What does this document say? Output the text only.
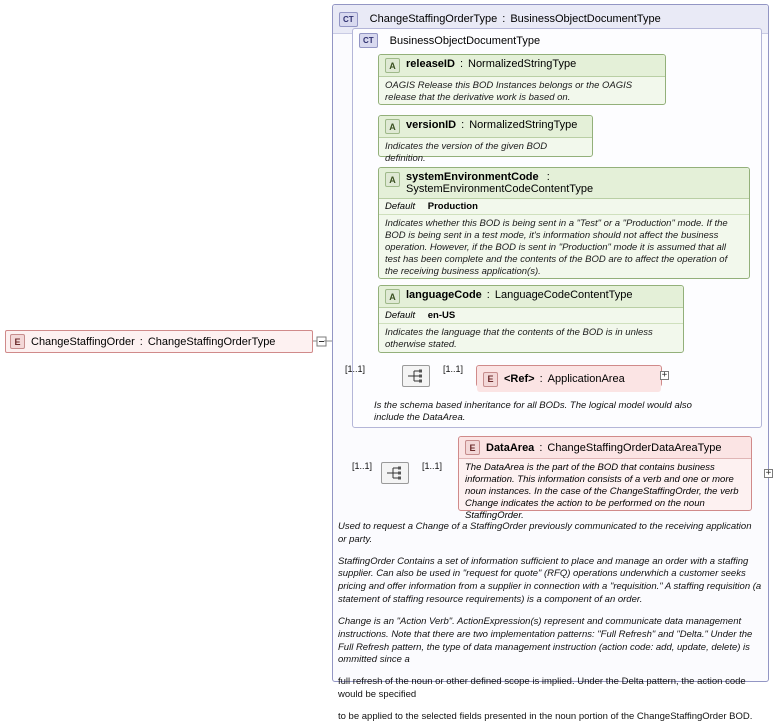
E ChangeStaffingOrder : ChangeStaffingOrderType
CT	ChangeStaffingOrderType : BusinessObjectDocumentType
CT	BusinessObjectDocumentType
Is the schema based inheritance for all BODs. The logical model would also include the DataArea.
A releaseID : NormalizedStringType
OAGIS Release this BOD Instances belongs or the OAGIS release that the derivative work is based on.
A versionID : NormalizedStringType
Indicates the version of the given BOD definition.
A systemEnvironmentCode : SystemEnvironmentCodeContentType
Default Production
Indicates whether this BOD is being sent in a "Test" or a "Production" mode. If the BOD is being sent in a test mode, it's information should not affect the business operation. However, if the BOD is sent in "Production" mode it is assumed that all test has been complete and the contents of the BOD are to affect the operation of the receiving business application(s).
A languageCode : LanguageCodeContentType
Default en-US
Indicates the language that the contents of the BOD is in unless otherwise stated.
[1..1]	[1..1]
E <Ref> : ApplicationArea	+
[1..1]	[1..1]
E DataArea : ChangeStaffingOrderDataAreaType
The DataArea is the part of the BOD that contains business information. This information consists of a verb and one or more noun instances. In the case of the ChangeStaffingOrder, the verb Change indicates the action to be performed on the noun StaffingOrder.
+

Used to request a Change of a StaffingOrder previously communicated to the receiving application or party.

StaffingOrder Contains a set of information sufficient to place and manage an order with a staffing supplier. Can also be used in "request for quote" (RFQ) operations underwhich a customer seeks pricing and offer information from a supplier in connection with a "requisition." A staffing requisition (a statement of staffing resource requirements) is a component of an order.

Change is an "Action Verb". ActionExpression(s) represent and communicate data management instructions. Note that there are two implementation patterns: "Full Refresh" and "Delta." Under the Full Refresh pattern, the type of data management instruction (action code: add, update, delete) is ommitted since a

full refresh of the noun or other defined scope is implied. Under the Delta pattern, the action code would be specified

to be applied to the selected fields presented in the noun portion of the ChangeStaffingOrder BOD.
